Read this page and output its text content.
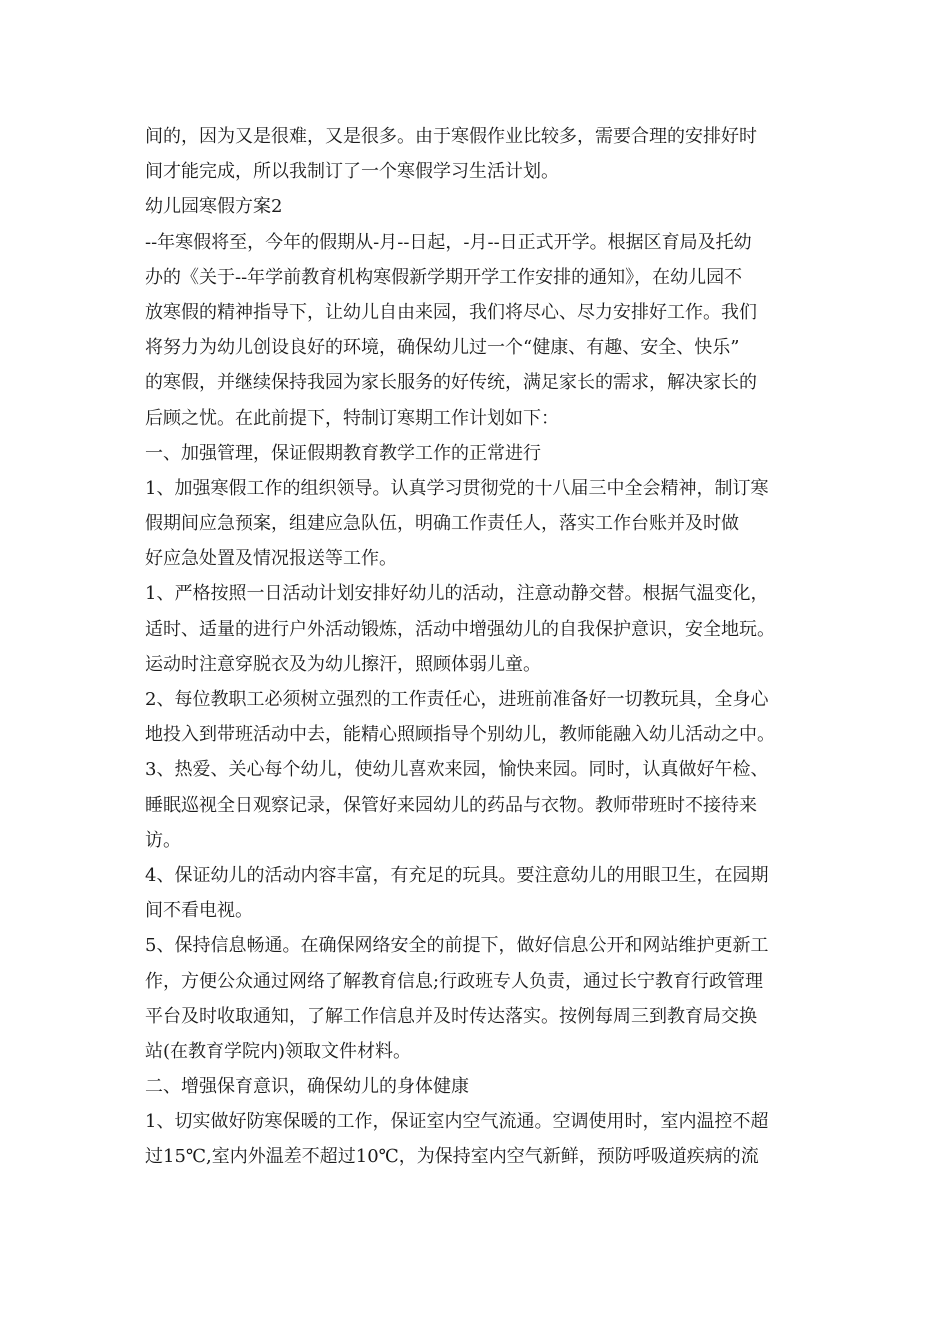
间的，因为又是很难，又是很多。由于寒假作业比较多，需要合理的安排好时
间才能完成，所以我制订了一个寒假学习生活计划。
幼儿园寒假方案2
--年寒假将至，今年的假期从-月--日起，-月--日正式开学。根据区育局及托幼
办的《关于--年学前教育机构寒假新学期开学工作安排的通知》，在幼儿园不
放寒假的精神指导下，让幼儿自由来园，我们将尽心、尽力安排好工作。我们
将努力为幼儿创设良好的环境，确保幼儿过一个“健康、有趣、安全、快乐”
的寒假，并继续保持我园为家长服务的好传统，满足家长的需求，解决家长的
后顾之忧。在此前提下，特制订寒期工作计划如下：
一、加强管理，保证假期教育教学工作的正常进行
1、加强寒假工作的组织领导。认真学习贯彻党的十八届三中全会精神，制订寒
假期间应急预案，组建应急队伍，明确工作责任人，落实工作台账并及时做
好应急处置及情况报送等工作。
1、严格按照一日活动计划安排好幼儿的活动，注意动静交替。根据气温变化，
适时、适量的进行户外活动锻炼，活动中增强幼儿的自我保护意识，安全地玩。
运动时注意穿脱衣及为幼儿擦汗，照顾体弱儿童。
2、每位教职工必须树立强烈的工作责任心，进班前准备好一切教玩具，全身心
地投入到带班活动中去，能精心照顾指导个别幼儿，教师能融入幼儿活动之中。
3、热爱、关心每个幼儿，使幼儿喜欢来园，愉快来园。同时，认真做好午检、
睡眠巡视全日观察记录，保管好来园幼儿的药品与衣物。教师带班时不接待来
访。
4、保证幼儿的活动内容丰富，有充足的玩具。要注意幼儿的用眼卫生，在园期
间不看电视。
5、保持信息畅通。在确保网络安全的前提下，做好信息公开和网站维护更新工
作，方便公众通过网络了解教育信息;行政班专人负责，通过长宁教育行政管理
平台及时收取通知，了解工作信息并及时传达落实。按例每周三到教育局交换
站(在教育学院内)领取文件材料。
二、增强保育意识，确保幼儿的身体健康
1、切实做好防寒保暖的工作，保证室内空气流通。空调使用时，室内温控不超
过15℃,室内外温差不超过10℃，为保持室内空气新鲜，预防呼吸道疾病的流
